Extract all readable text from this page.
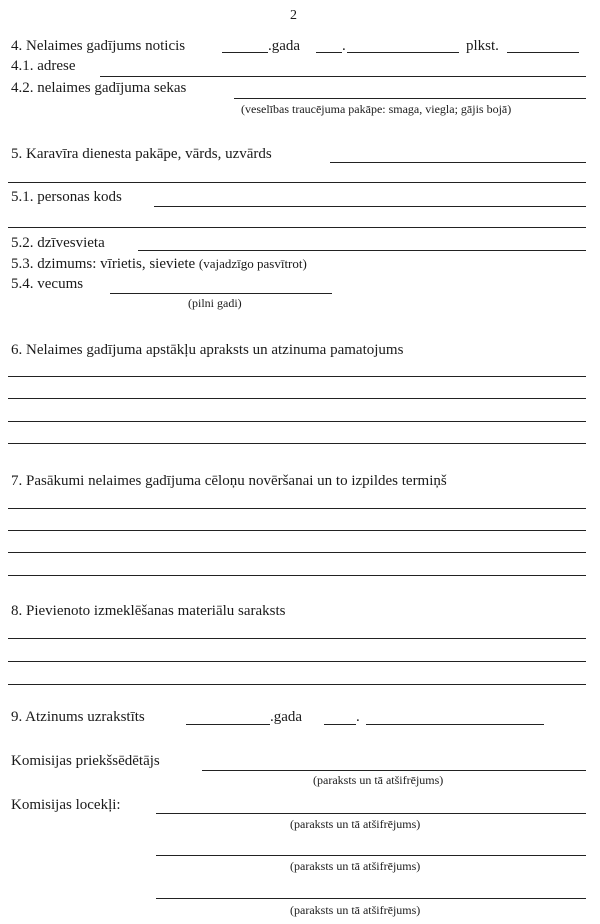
2
4. Nelaimes gadījums noticis	.gada	.	plkst.
4.1. adrese
4.2. nelaimes gadījuma sekas
(veselības traucējuma pakāpe: smaga, viegla; gājis bojā)
5. Karavīra dienesta pakāpe, vārds, uzvārds
5.1. personas kods
5.2. dzīvesvieta
5.3. dzimums: vīrietis, sieviete (vajadzīgo pasvītrot)
5.4. vecums
(pilni gadi)
6. Nelaimes gadījuma apstākļu apraksts un atzinuma pamatojums
7. Pasākumi nelaimes gadījuma cēloņu novēršanai un to izpildes termiņš
8. Pievienoto izmeklēšanas materiālu saraksts
9. Atzinums uzrakstīts	.gada	.
Komisijas priekšsēdētājs
(paraksts un tā atšifrējums)
Komisijas locekļi:
(paraksts un tā atšifrējums)
(paraksts un tā atšifrējums)
(paraksts un tā atšifrējums)
